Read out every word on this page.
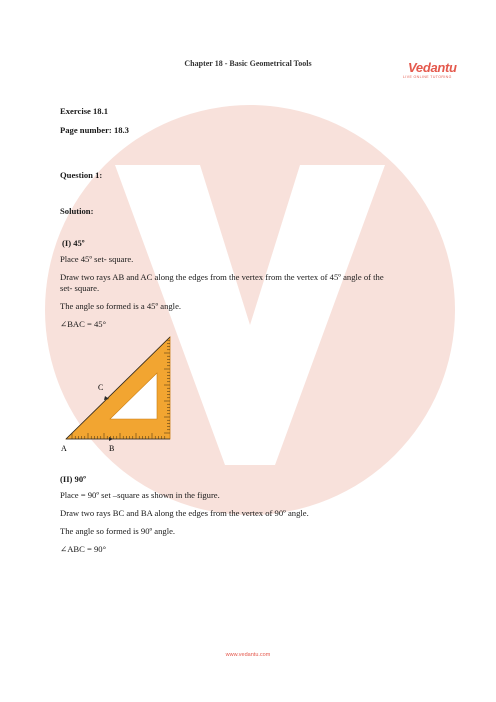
Chapter 18 - Basic Geometrical Tools	Vedantu
LIVE ONLINE TUTORING
Exercise 18.1
Page number: 18.3
Question 1:
Solution:
(I) 45º
Place 45º set- square.
Draw two rays AB and AC along the edges from the vertex from the vertex of 45º angle of the
set- square.
The angle so formed is a 45º angle.
∠BAC = 45°
C
A	B
(II) 90º
Place = 90º set –square as shown in the figure.
Draw two rays BC and BA along the edges from the vertex of 90º angle.
The angle so formed is 90º angle.
∠ABC = 90°
www.vedantu.com
